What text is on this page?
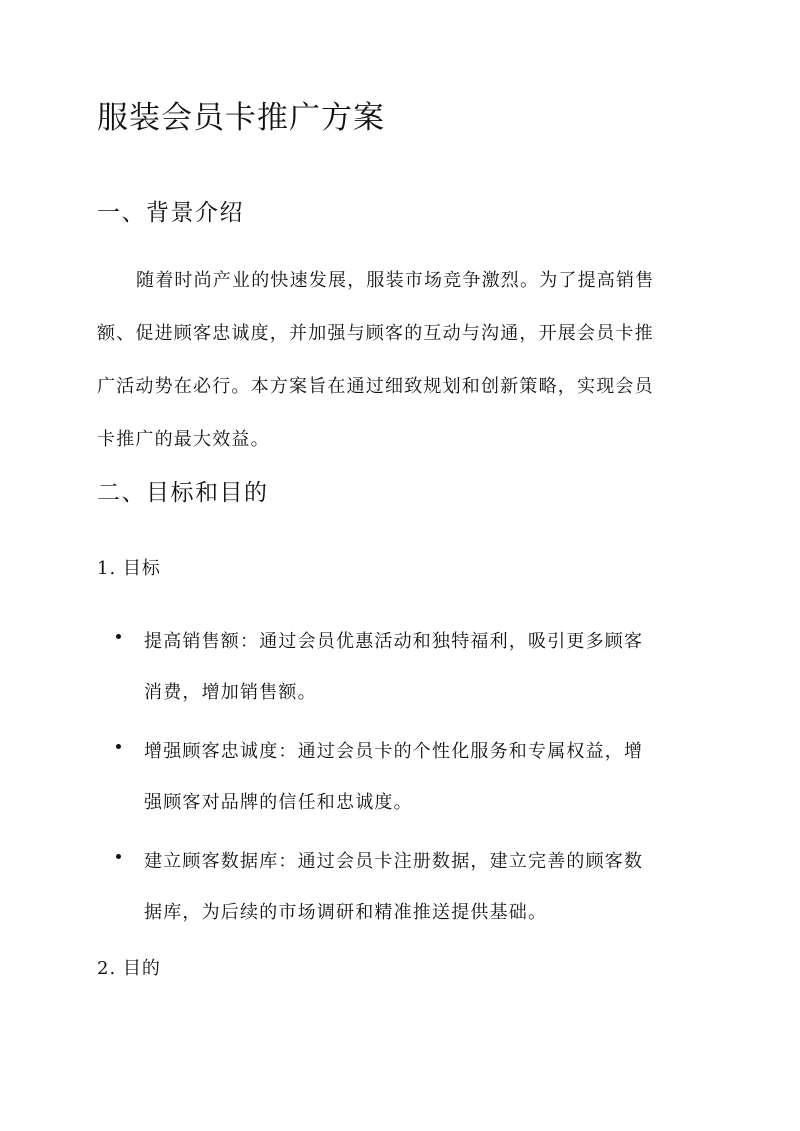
服装会员卡推广方案
一、背景介绍
随着时尚产业的快速发展，服装市场竞争激烈。为了提高销售
额、促进顾客忠诚度，并加强与顾客的互动与沟通，开展会员卡推
广活动势在必行。本方案旨在通过细致规划和创新策略，实现会员
卡推广的最大效益。
二、目标和目的
1. 目标
提高销售额：通过会员优惠活动和独特福利，吸引更多顾客
消费，增加销售额。
增强顾客忠诚度：通过会员卡的个性化服务和专属权益，增
强顾客对品牌的信任和忠诚度。
建立顾客数据库：通过会员卡注册数据，建立完善的顾客数
据库，为后续的市场调研和精准推送提供基础。
2. 目的
